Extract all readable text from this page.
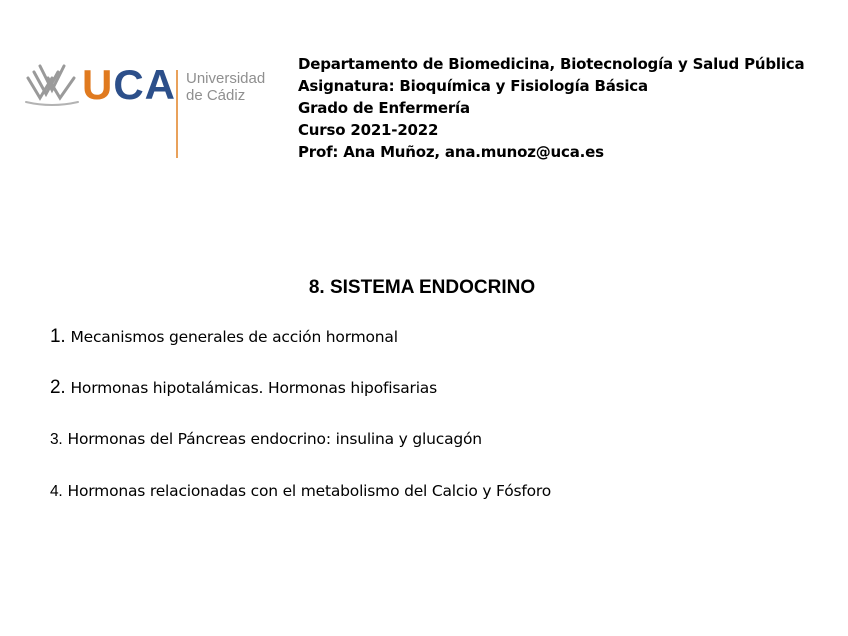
UCA Universidad
de Cádiz
Departamento de Biomedicina, Biotecnología y Salud Pública
Asignatura: Bioquímica y Fisiología Básica
Grado de Enfermería
Curso 2021-2022
Prof: Ana Muñoz, ana.munoz@uca.es
8. SISTEMA ENDOCRINO
1. Mecanismos generales de acción hormonal
2. Hormonas hipotalámicas. Hormonas hipofisarias
3. Hormonas del Páncreas endocrino: insulina y glucagón
4. Hormonas relacionadas con el metabolismo del Calcio y Fósforo
